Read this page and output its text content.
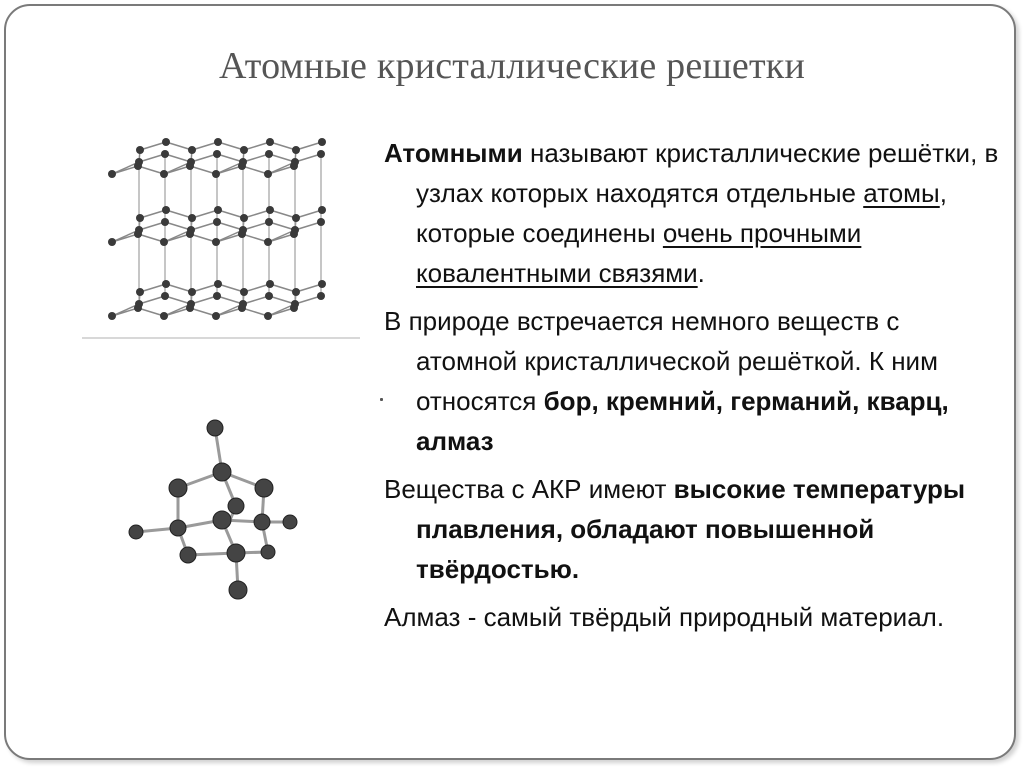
Атомные кристаллические решетки

Атомными называют кристаллические решётки, в узлах которых находятся отдельные атомы, которые соединены очень прочными ковалентными связями.

В природе встречается немного веществ с атомной кристаллической решёткой. К ним относятся бор, кремний, германий, кварц, алмаз

Вещества с АКР имеют высокие температуры плавления, обладают повышенной твёрдостью.

Алмаз - самый твёрдый природный материал.
